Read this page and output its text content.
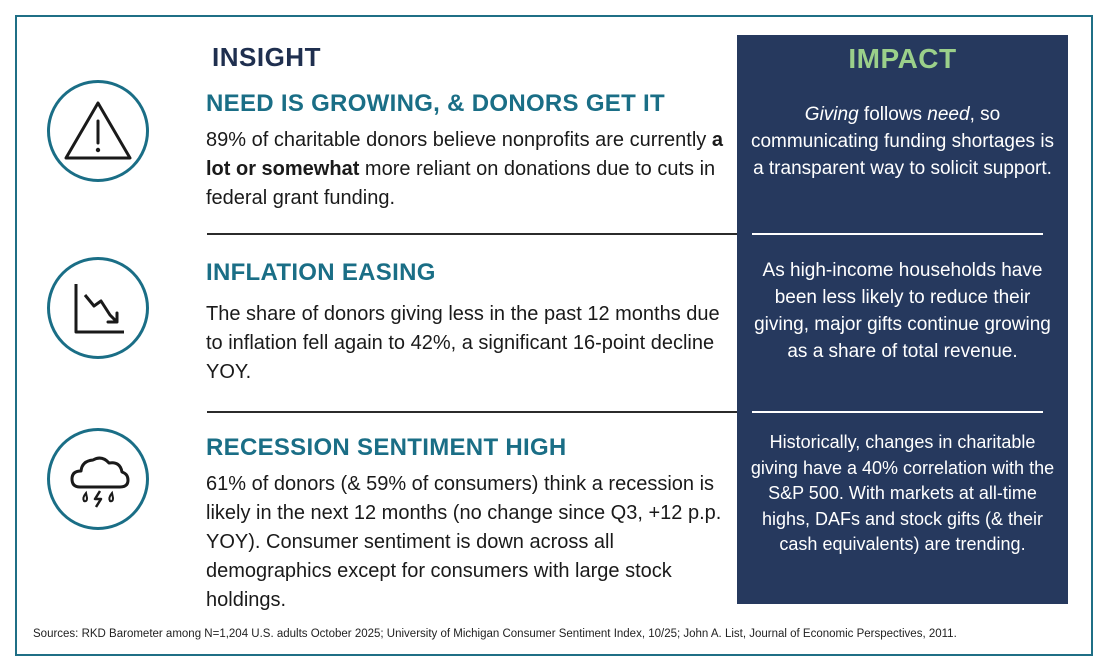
INSIGHT	IMPACT
Giving follows need, so communicating funding shortages is a transparent way to solicit support.
As high-income households have been less likely to reduce their giving, major gifts continue growing as a share of total revenue.
Historically, changes in charitable giving have a 40% correlation with the S&P 500. With markets at all-time highs, DAFs and stock gifts (& their cash equivalents) are trending.
NEED IS GROWING, & DONORS GET IT
89% of charitable donors believe nonprofits are currently a lot or somewhat more reliant on donations due to cuts in federal grant funding.
INFLATION EASING
The share of donors giving less in the past 12 months due to inflation fell again to 42%, a significant 16-point decline YOY.
RECESSION SENTIMENT HIGH
61% of donors (& 59% of consumers) think a recession is likely in the next 12 months (no change since Q3, +12 p.p. YOY). Consumer sentiment is down across all demographics except for consumers with large stock holdings.
Sources: RKD Barometer among N=1,204 U.S. adults October 2025; University of Michigan Consumer Sentiment Index, 10/25; John A. List, Journal of Economic Perspectives, 2011.
